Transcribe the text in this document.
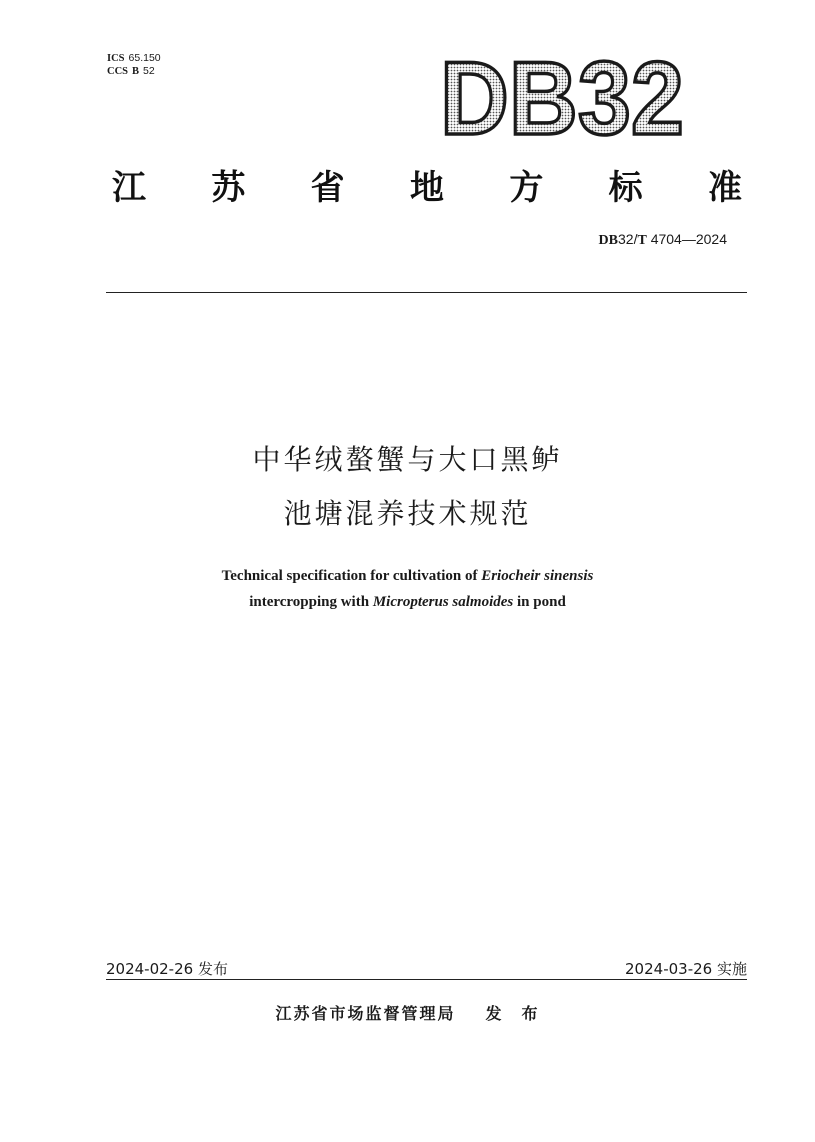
ICS 65.150
CCS B 52	DB32
江 苏 省 地 方 标 准
DB32/T 4704—2024
中华绒螯蟹与大口黑鲈
池塘混养技术规范
Technical specification for cultivation of Eriocheir sinensis
intercropping with Micropterus salmoides in pond
2024-02-26 发布	2024-03-26 实施
江苏省市场监督管理局 发 布
